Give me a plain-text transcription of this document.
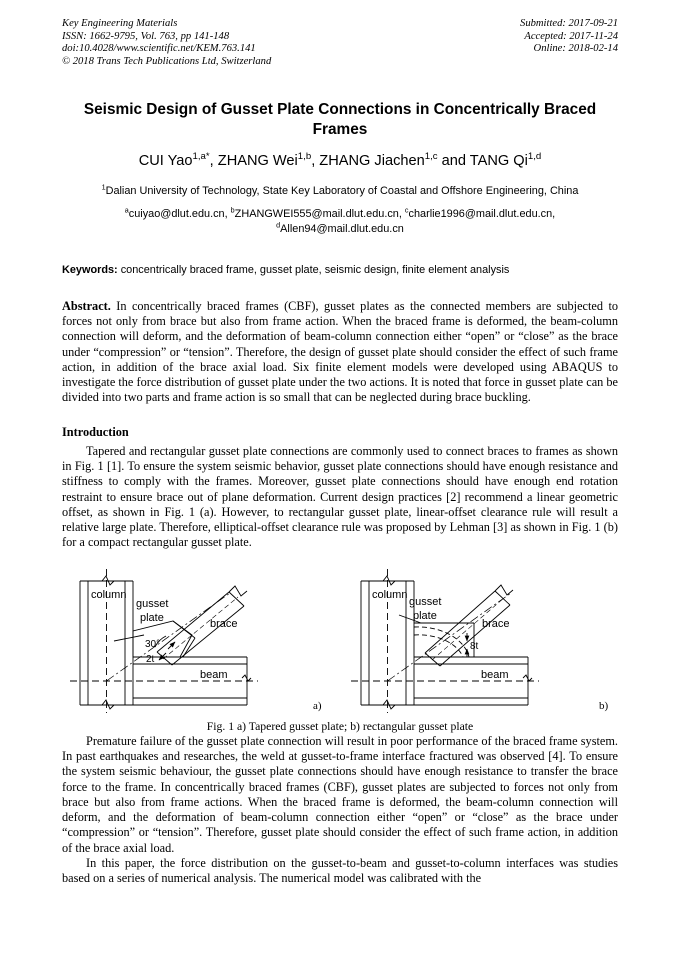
Key Engineering Materials
ISSN: 1662-9795, Vol. 763, pp 141-148
doi:10.4028/www.scientific.net/KEM.763.141
© 2018 Trans Tech Publications Ltd, Switzerland
Submitted: 2017-09-21
Accepted: 2017-11-24
Online: 2018-02-14
Seismic Design of Gusset Plate Connections in Concentrically Braced Frames
CUI Yao$^{1,a*}$, ZHANG Wei$^{1,b}$, ZHANG Jiachen$^{1,c}$ and TANG Qi$^{1,d}$
$^1$Dalian University of Technology, State Key Laboratory of Coastal and Offshore Engineering, China
$^a$cuiyao@dlut.edu.cn, $^b$ZHANGWEI555@mail.dlut.edu.cn, $^c$charlie1996@mail.dlut.edu.cn, $^d$Allen94@mail.dlut.edu.cn
Keywords: concentrically braced frame, gusset plate, seismic design, finite element analysis
Abstract. In concentrically braced frames (CBF), gusset plates as the connected members are subjected to forces not only from brace but also from frame action. When the braced frame is deformed, the beam-column connection will deform, and the deformation of beam-column connection either “open” or “close” as the brace under “compression” or “tension”. Therefore, the design of gusset plate should consider the effect of such frame action, in addition of the brace axial load. Six finite element models were developed using ABAQUS to investigate the force distribution of gusset plate under the two actions. It is noted that force in gusset plate can be divided into two parts and frame action is so small that can be neglected during brace buckling.
Introduction

Tapered and rectangular gusset plate connections are commonly used to connect braces to frames as shown in Fig. 1 [1]. To ensure the system seismic behavior, gusset plate connections should have enough resistance and stiffness to comply with the frames. Moreover, gusset plate connections should have enough end rotation restraint to ensure brace out of plane deformation. Current design practices [2] recommend a linear geometric offset, as shown in Fig. 1 (a). However, to rectangular gusset plate, linear-offset clearance rule will result a relative large plate. Therefore, elliptical-offset clearance rule was proposed by Lehman [3] as shown in Fig. 1 (b) for a compact rectangular gusset plate.

column
gusset
plate	brace
beam
30°
2t
a)
column
gusset
plate
brace
beam
8t
b)
Fig. 1 a) Tapered gusset plate; b) rectangular gusset plate

Premature failure of the gusset plate connection will result in poor performance of the braced frame system. In past earthquakes and researches, the weld at gusset-to-frame interface fractured was observed [4]. To ensure the system seismic behaviour, the gusset plate connections should have enough resistance to transfer the brace force to the frame. In concentrically braced frames (CBF), gusset plates are subjected to forces not only from brace but also from frame actions. When the braced frame is deformed, the beam-column connection will deform, and the deformation of beam-column connection either “open” or “close” as the brace under “compression” or “tension”. Therefore, gusset plate should consider the effect of such frame action, in addition of the brace axial load.

In this paper, the force distribution on the gusset-to-beam and gusset-to-column interfaces was studies based on a series of numerical analysis. The numerical model was calibrated with the
